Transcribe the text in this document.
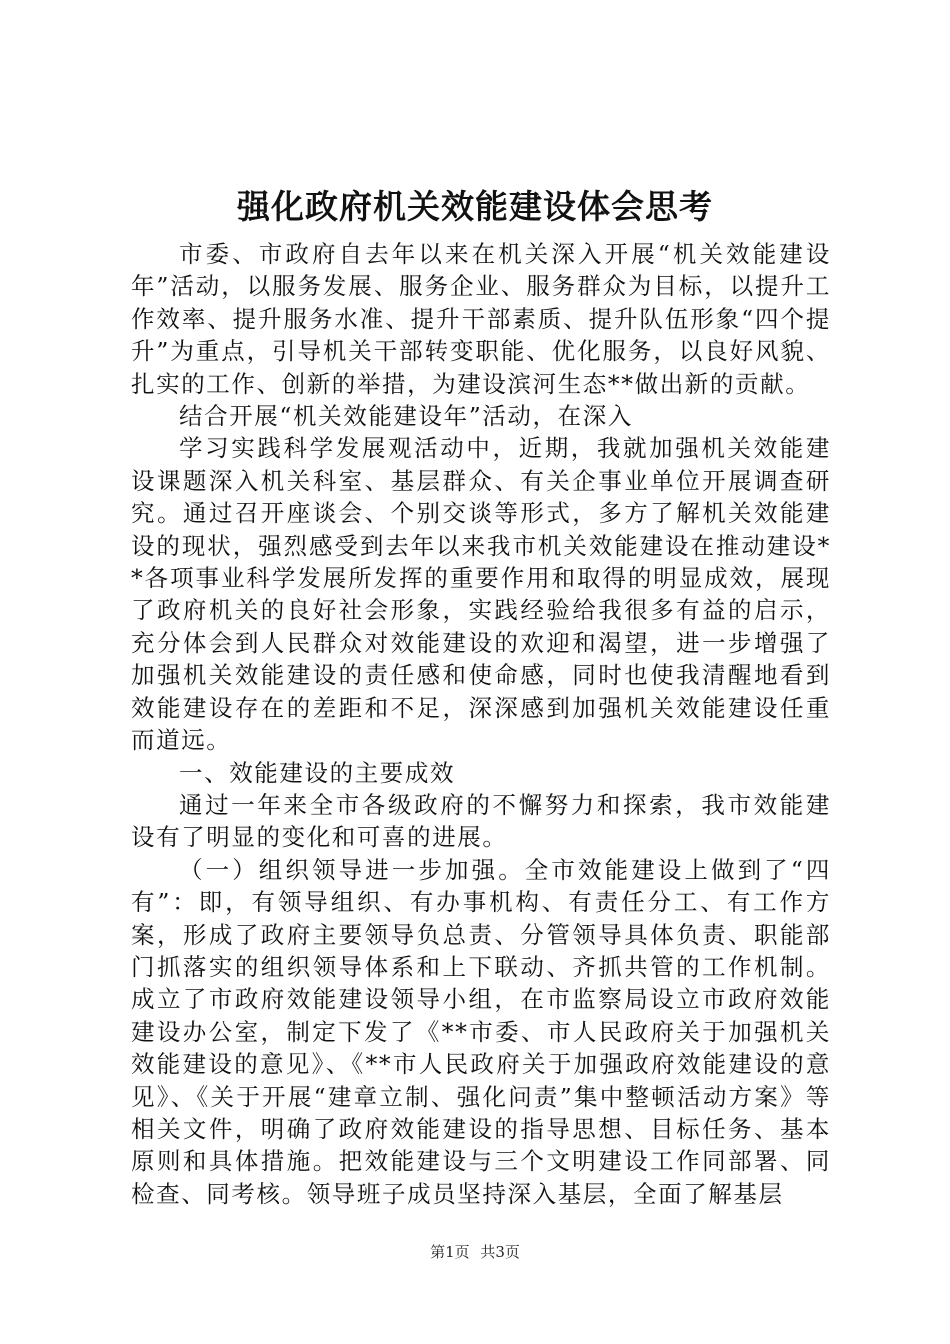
强化政府机关效能建设体会思考

市委、市政府自去年以来在机关深入开展“机关效能建设年”活动，以服务发展、服务企业、服务群众为目标，以提升工作效率、提升服务水准、提升干部素质、提升队伍形象“四个提升”为重点，引导机关干部转变职能、优化服务，以良好风貌、扎实的工作、创新的举措，为建设滨河生态**做出新的贡献。

结合开展“机关效能建设年”活动，在深入

学习实践科学发展观活动中，近期，我就加强机关效能建设课题深入机关科室、基层群众、有关企事业单位开展调查研究。通过召开座谈会、个别交谈等形式，多方了解机关效能建设的现状，强烈感受到去年以来我市机关效能建设在推动建设**各项事业科学发展所发挥的重要作用和取得的明显成效，展现了政府机关的良好社会形象，实践经验给我很多有益的启示，充分体会到人民群众对效能建设的欢迎和渴望，进一步增强了加强机关效能建设的责任感和使命感，同时也使我清醒地看到效能建设存在的差距和不足，深深感到加强机关效能建设任重而道远。

一、效能建设的主要成效

通过一年来全市各级政府的不懈努力和探索，我市效能建设有了明显的变化和可喜的进展。

（一）组织领导进一步加强。全市效能建设上做到了“四有”：即，有领导组织、有办事机构、有责任分工、有工作方案，形成了政府主要领导负总责、分管领导具体负责、职能部门抓落实的组织领导体系和上下联动、齐抓共管的工作机制。成立了市政府效能建设领导小组，在市监察局设立市政府效能建设办公室，制定下发了《**市委、市人民政府关于加强机关效能建设的意见》、《**市人民政府关于加强政府效能建设的意见》、《关于开展“建章立制、强化问责”集中整顿活动方案》等相关文件，明确了政府效能建设的指导思想、目标任务、基本原则和具体措施。把效能建设与三个文明建设工作同部署、同检查、同考核。领导班子成员坚持深入基层，全面了解基层

第1页 共3页
